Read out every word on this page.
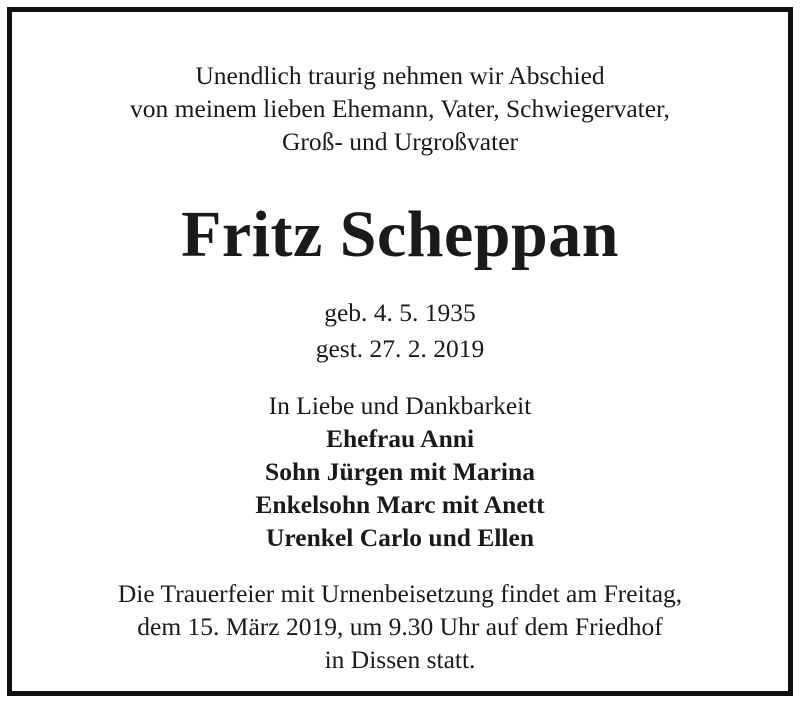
Unendlich traurig nehmen wir Abschied
von meinem lieben Ehemann, Vater, Schwiegervater,
Groß- und Urgroßvater
Fritz Scheppan
geb. 4. 5. 1935
gest. 27. 2. 2019
In Liebe und Dankbarkeit
Ehefrau Anni
Sohn Jürgen mit Marina
Enkelsohn Marc mit Anett
Urenkel Carlo und Ellen
Die Trauerfeier mit Urnenbeisetzung findet am Freitag,
dem 15. März 2019, um 9.30 Uhr auf dem Friedhof
in Dissen statt.
